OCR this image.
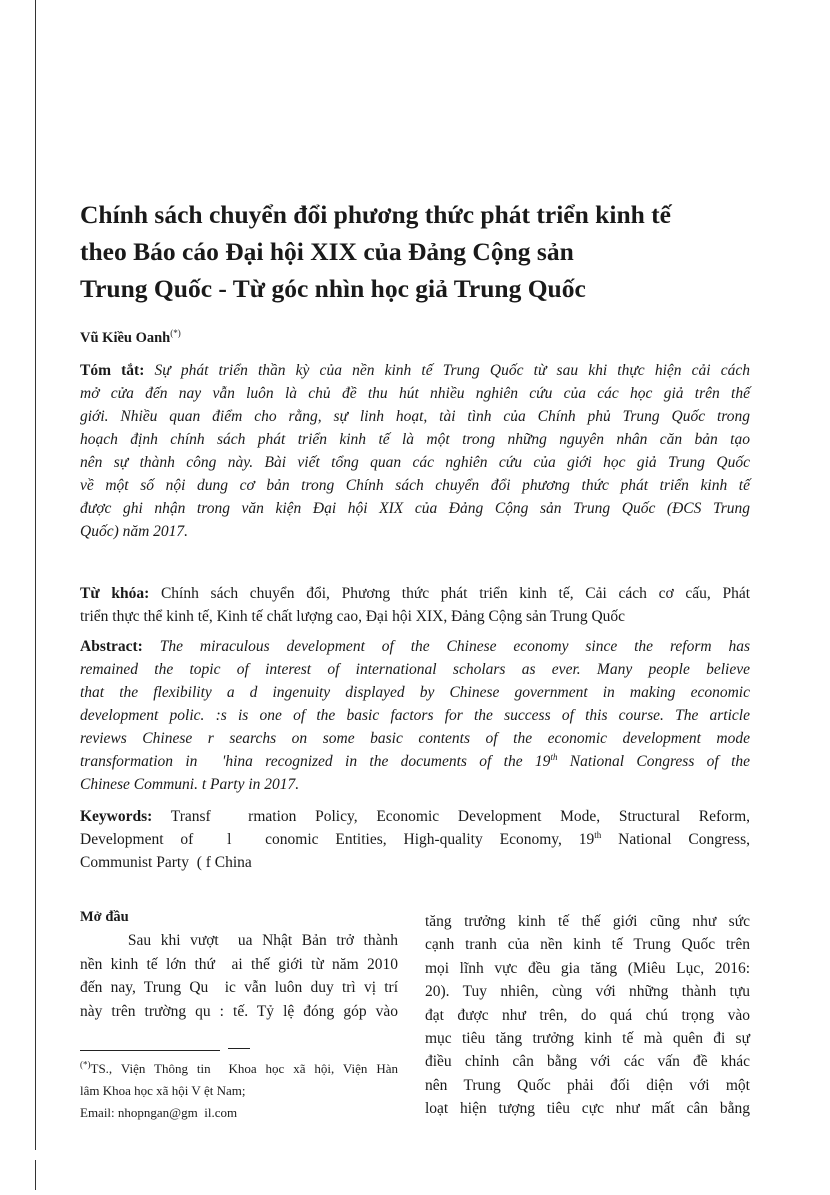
Chính sách chuyển đổi phương thức phát triển kinh tế
theo Báo cáo Đại hội XIX của Đảng Cộng sản
Trung Quốc - Từ góc nhìn học giả Trung Quốc
Vũ Kiều Oanh(*)
Tóm tắt: Sự phát triển thần kỳ của nền kinh tế Trung Quốc từ sau khi thực hiện cải cách
mở cửa đến nay vẫn luôn là chủ đề thu hút nhiều nghiên cứu của các học giả trên thế
giới. Nhiều quan điểm cho rằng, sự linh hoạt, tài tình của Chính phủ Trung Quốc trong
hoạch định chính sách phát triển kinh tế là một trong những nguyên nhân căn bản tạo
nên sự thành công này. Bài viết tổng quan các nghiên cứu của giới học giả Trung Quốc
về một số nội dung cơ bản trong Chính sách chuyển đổi phương thức phát triển kinh tế
được ghi nhận trong văn kiện Đại hội XIX của Đảng Cộng sản Trung Quốc (ĐCS Trung
Quốc) năm 2017.
Từ khóa: Chính sách chuyển đổi, Phương thức phát triển kinh tế, Cải cách cơ cấu, Phát
triển thực thể kinh tế, Kinh tế chất lượng cao, Đại hội XIX, Đảng Cộng sản Trung Quốc
Abstract: The miraculous development of the Chinese economy since the reform has
remained the topic of interest of international scholars as ever. Many people believe
that the flexibility a d ingenuity displayed by Chinese government in making economic
development polic. :s is one of the basic factors for the success of this course. The article
reviews Chinese r searchs on some basic contents of the economic development mode
transformation in  'hina recognized in the documents of the 19th National Congress of the
Chinese Communi. t Party in 2017.
Keywords: Transf  rmation Policy, Economic Development Mode, Structural Reform,
Development of  l  conomic Entities, High-quality Economy, 19th National Congress,
Communist Party  ( f China
Mở đầu
Sau khi vượt  ua Nhật Bản trở thành
nền kinh tế lớn thứ  ai thế giới từ năm 2010
đến nay, Trung Qu  ic vẫn luôn duy trì vị trí
này trên trường qu : tế. Tỷ lệ đóng góp vào
tăng trưởng kinh tế thế giới cũng như sức
cạnh tranh của nền kinh tế Trung Quốc trên
mọi lĩnh vực đều gia tăng (Miêu Lục, 2016:
20). Tuy nhiên, cùng với những thành tựu
đạt được như trên, do quá chú trọng vào
mục tiêu tăng trưởng kinh tế mà quên đi sự
điều chỉnh cân bằng với các vấn đề khác
nên Trung Quốc phải đối diện với một
loạt hiện tượng tiêu cực như mất cân bằng
(*)TS., Viện Thông tin  Khoa học xã hội, Viện Hàn
lâm Khoa học xã hội V ệt Nam;
Email: nhopngan@gm  il.com
